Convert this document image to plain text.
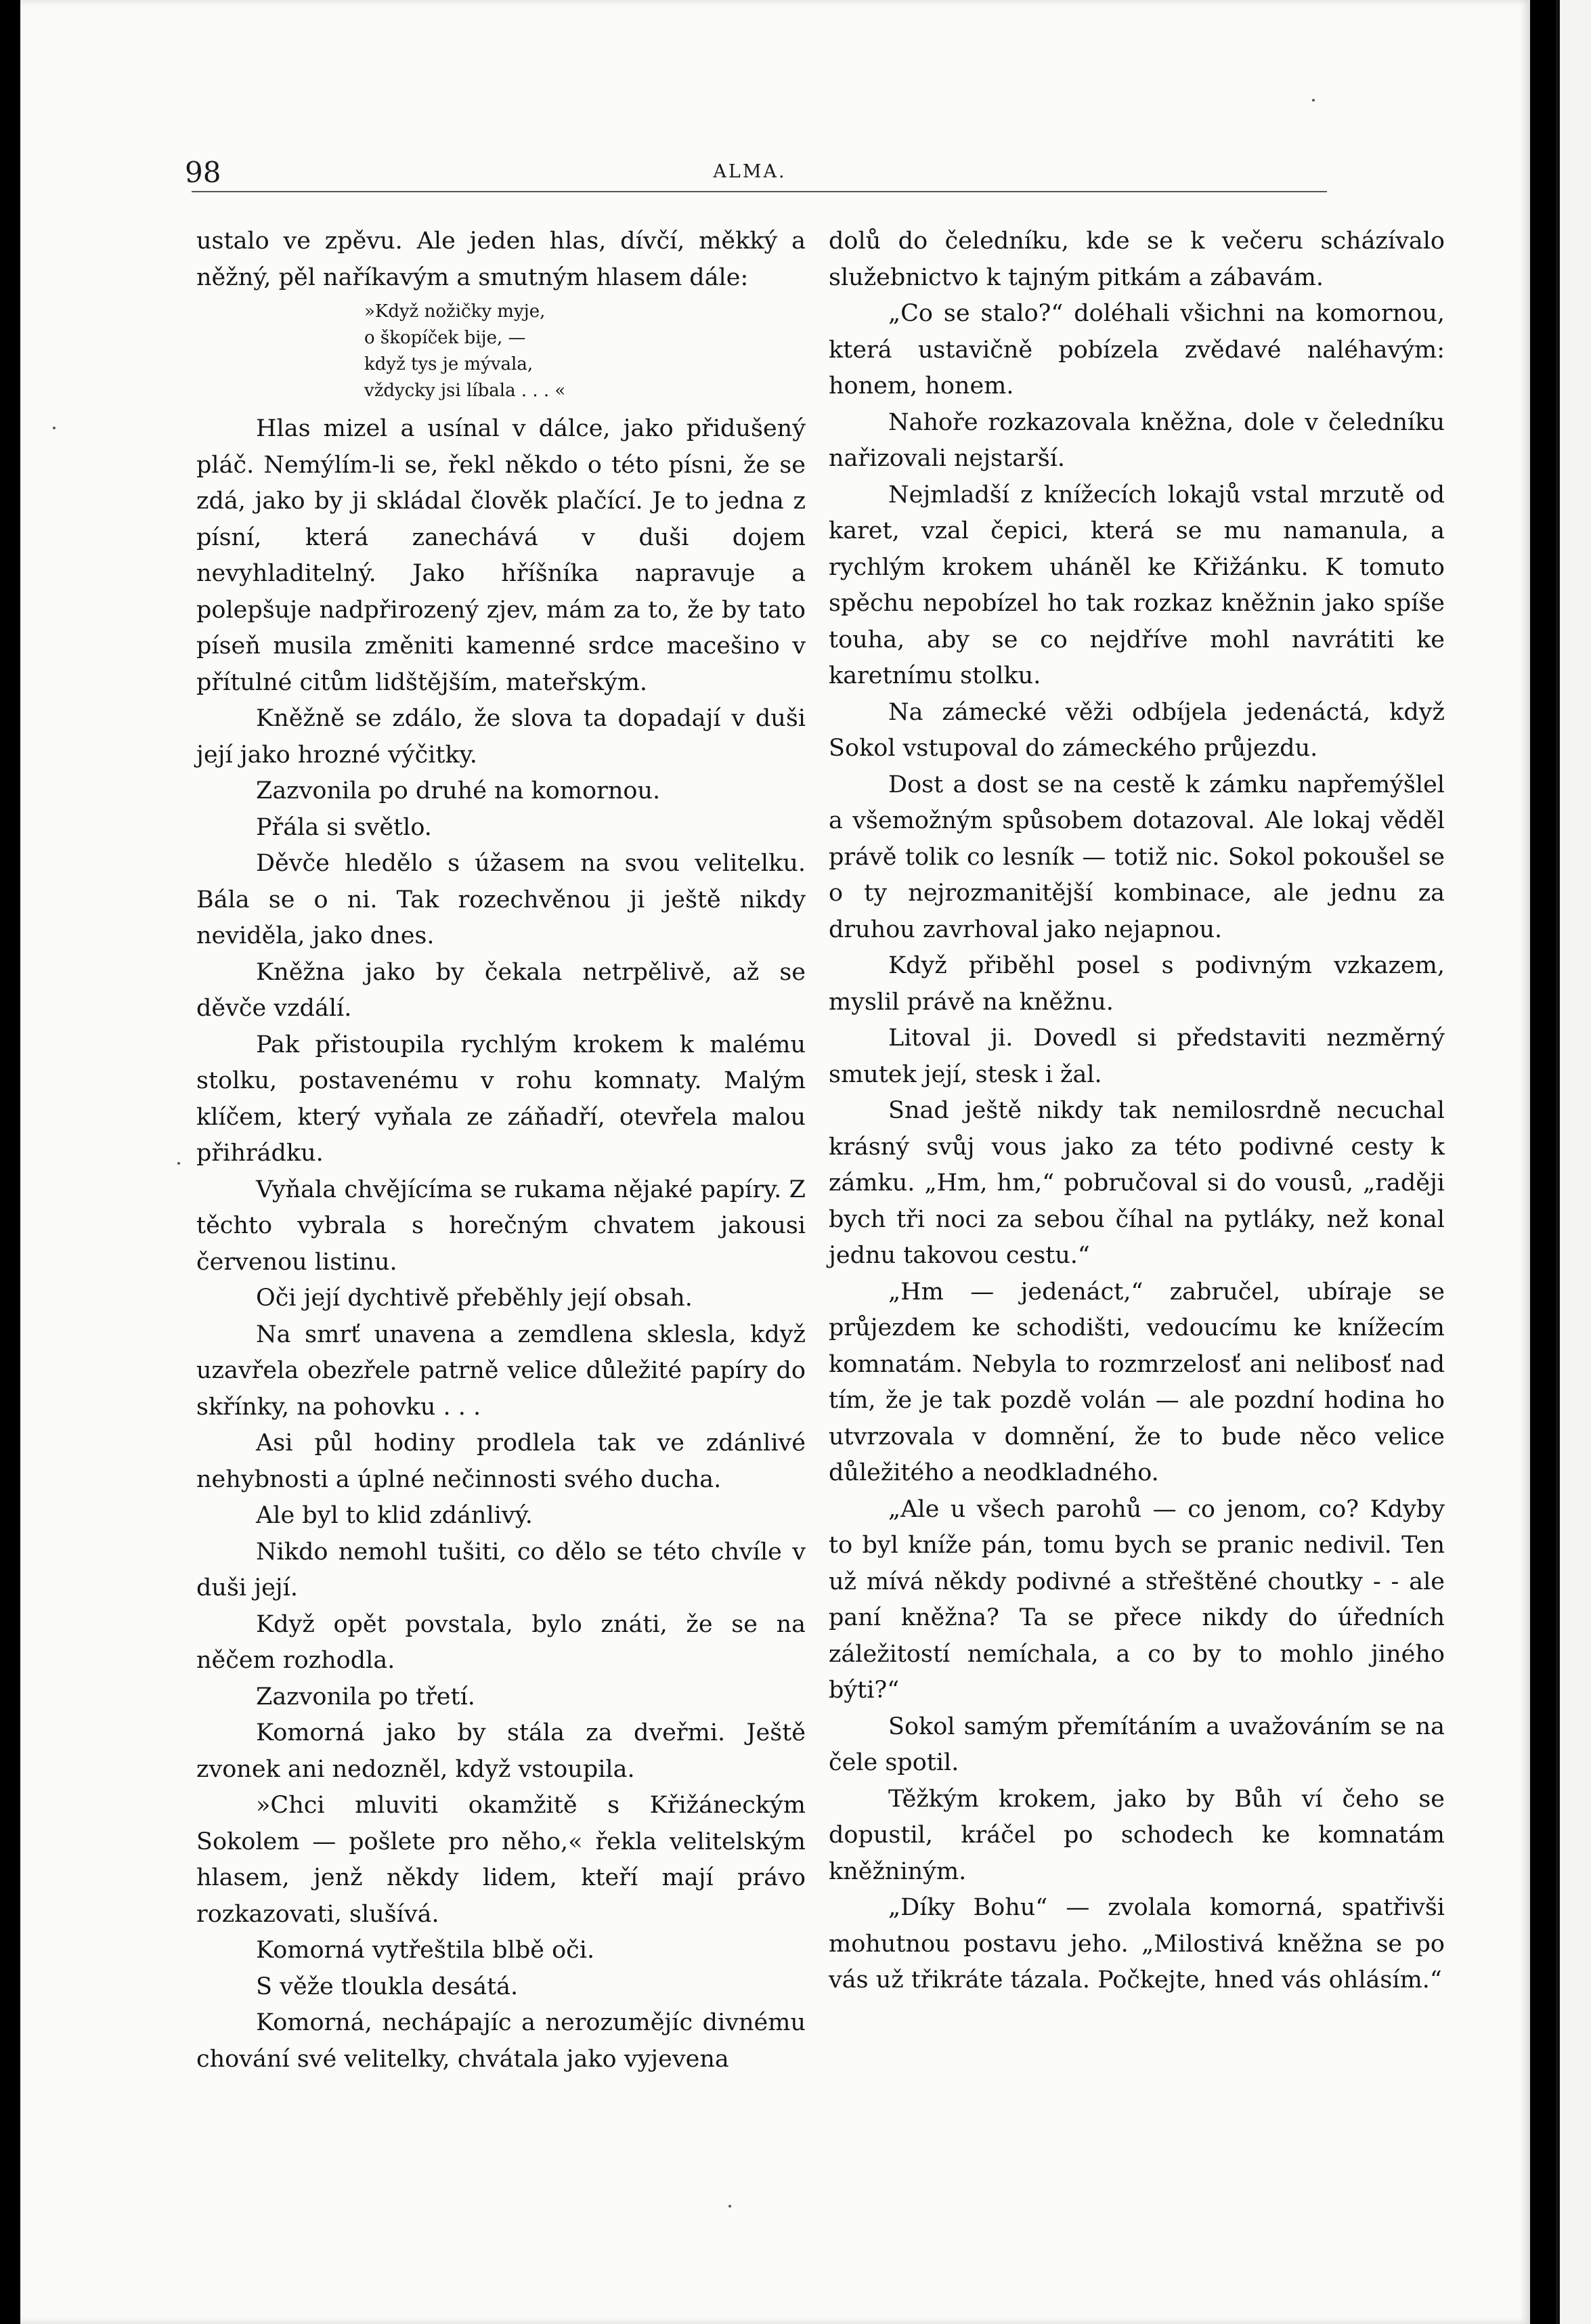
98	ALMA.

ustalo ve zpěvu. Ale jeden hlas, dívčí, měkký a něžný, pěl naříkavým a smutným hlasem dále:

»Když nožičky myje,
o škopíček bije, —
když tys je mývala,
vždycky jsi líbala . . . «

Hlas mizel a usínal v dálce, jako přidušený pláč. Nemýlím-li se, řekl někdo o této písni, že se zdá, jako by ji skládal člověk plačící. Je to jedna z písní, která zanechává v duši dojem nevyhladitelný. Jako hříšníka napravuje a polepšuje nadpřirozený zjev, mám za to, že by tato píseň musila změniti kamenné srdce macešino v přítulné citům lidštějším, mateřským.

Kněžně se zdálo, že slova ta dopadají v duši její jako hrozné výčitky.

Zazvonila po druhé na komornou.

Přála si světlo.

Děvče hledělo s úžasem na svou velitelku. Bála se o ni. Tak rozechvěnou ji ještě nikdy neviděla, jako dnes.

Kněžna jako by čekala netrpělivě, až se děvče vzdálí.

Pak přistoupila rychlým krokem k malému stolku, postavenému v rohu komnaty. Malým klíčem, který vyňala ze záňadří, otevřela malou přihrádku.

Vyňala chvějícíma se rukama nějaké papíry. Z těchto vybrala s horečným chvatem jakousi červenou listinu.

Oči její dychtivě přeběhly její obsah.

Na smrť unavena a zemdlena sklesla, když uzavřela obezřele patrně velice důležité papíry do skřínky, na pohovku . . .

Asi půl hodiny prodlela tak ve zdánlivé nehybnosti a úplné nečinnosti svého ducha.

Ale byl to klid zdánlivý.

Nikdo nemohl tušiti, co dělo se této chvíle v duši její.

Když opět povstala, bylo znáti, že se na něčem rozhodla.

Zazvonila po třetí.

Komorná jako by stála za dveřmi. Ještě zvonek ani nedozněl, když vstoupila.

»Chci mluviti okamžitě s Křižáneckým Sokolem — pošlete pro něho,« řekla velitelským hlasem, jenž někdy lidem, kteří mají právo rozkazovati, slušívá.

Komorná vytřeštila blbě oči.

S věže tloukla desátá.

Komorná, nechápajíc a nerozumějíc divnému chování své velitelky, chvátala jako vyjevena

dolů do čeledníku, kde se k večeru scházívalo služebnictvo k tajným pitkám a zábavám.

„Co se stalo?“ doléhali všichni na komornou, která ustavičně pobízela zvědavé naléhavým: honem, honem.

Nahoře rozkazovala kněžna, dole v čeledníku nařizovali nejstarší.

Nejmladší z knížecích lokajů vstal mrzutě od karet, vzal čepici, která se mu namanula, a rychlým krokem uháněl ke Křižánku. K tomuto spěchu nepobízel ho tak rozkaz kněžnin jako spíše touha, aby se co nejdříve mohl navrátiti ke karetnímu stolku.

Na zámecké věži odbíjela jedenáctá, když Sokol vstupoval do zámeckého průjezdu.

Dost a dost se na cestě k zámku napřemýšlel a všemožným spůsobem dotazoval. Ale lokaj věděl právě tolik co lesník — totiž nic. Sokol pokoušel se o ty nejrozmanitější kombinace, ale jednu za druhou zavrhoval jako nejapnou.

Když přiběhl posel s podivným vzkazem, myslil právě na kněžnu.

Litoval ji. Dovedl si představiti nezměrný smutek její, stesk i žal.

Snad ještě nikdy tak nemilosrdně necuchal krásný svůj vous jako za této podivné cesty k zámku. „Hm, hm,“ pobručoval si do vousů, „raději bych tři noci za sebou číhal na pytláky, než konal jednu takovou cestu.“

„Hm — jedenáct,“ zabručel, ubíraje se průjezdem ke schodišti, vedoucímu ke knížecím komnatám. Nebyla to rozmrzelosť ani nelibosť nad tím, že je tak pozdě volán — ale pozdní hodina ho utvrzovala v domnění, že to bude něco velice důležitého a neodkladného.

„Ale u všech parohů — co jenom, co? Kdyby to byl kníže pán, tomu bych se pranic nedivil. Ten už mívá někdy podivné a střeštěné choutky - - ale paní kněžna? Ta se přece nikdy do úředních záležitostí nemíchala, a co by to mohlo jiného býti?“

Sokol samým přemítáním a uvažováním se na čele spotil.

Těžkým krokem, jako by Bůh ví čeho se dopustil, kráčel po schodech ke komnatám kněžniným.

„Díky Bohu“ — zvolala komorná, spatřivši mohutnou postavu jeho. „Milostivá kněžna se po vás už třikráte tázala. Počkejte, hned vás ohlásím.“
